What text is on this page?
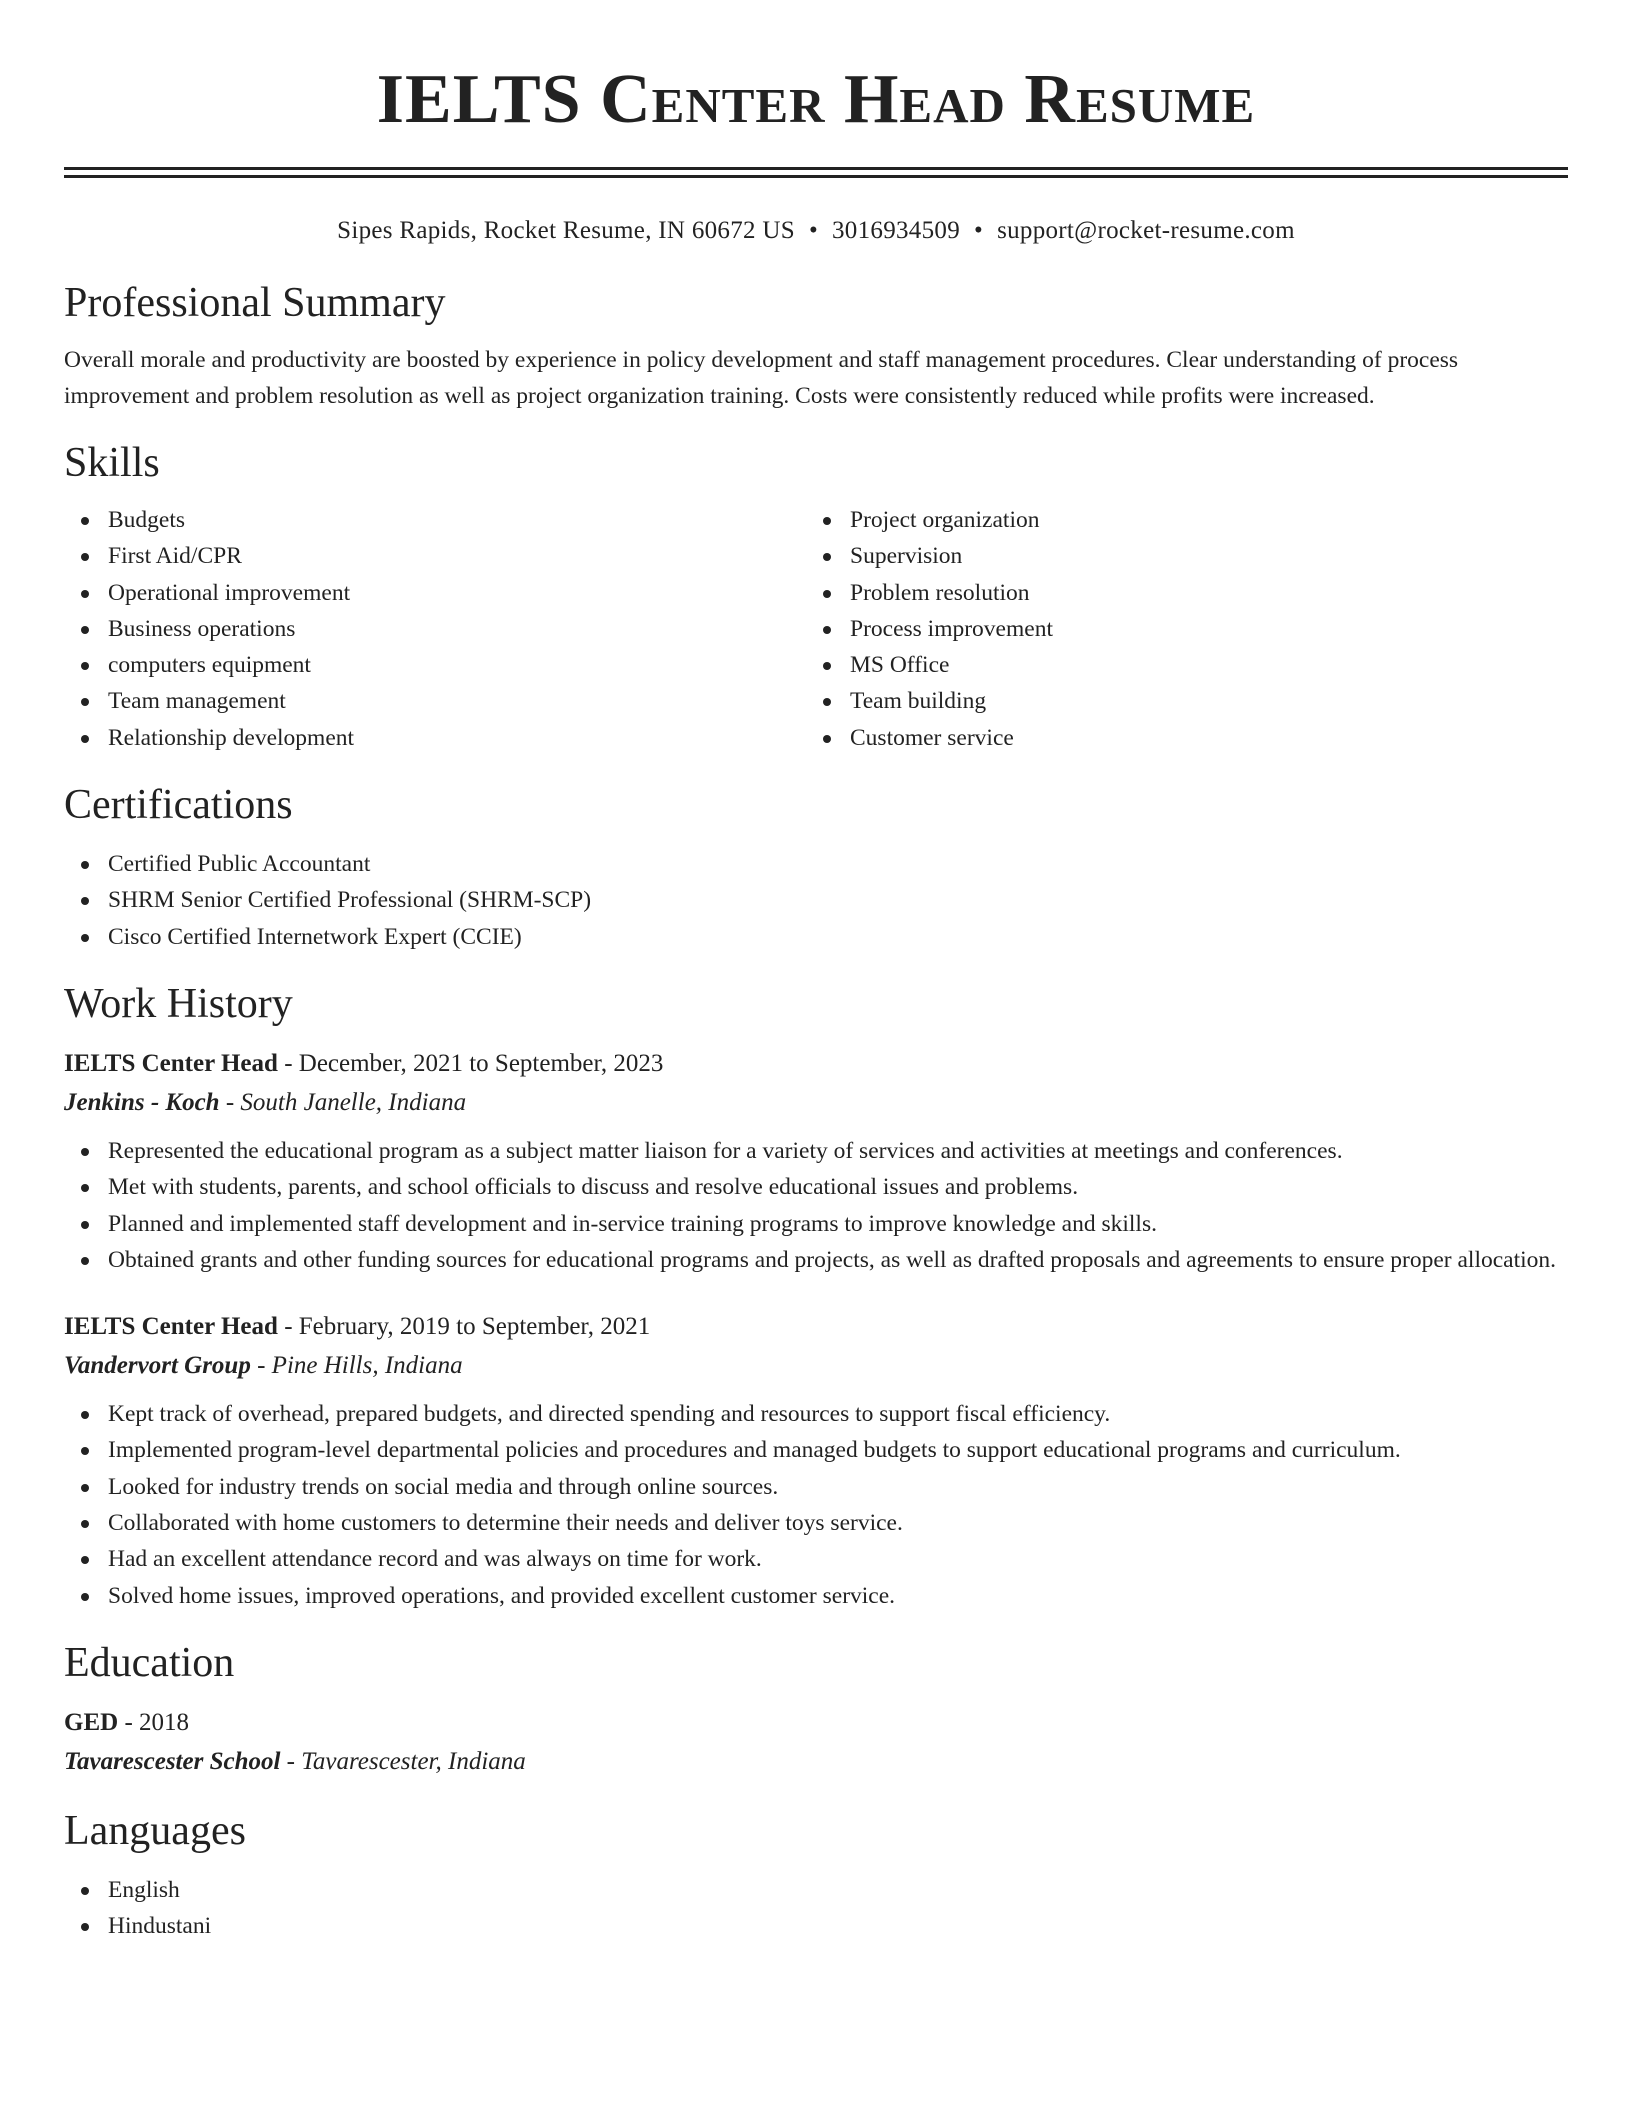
IELTS Center Head Resume
Sipes Rapids, Rocket Resume, IN 60672 US • 3016934509 • support@rocket-resume.com
Professional Summary

Overall morale and productivity are boosted by experience in policy development and staff management procedures. Clear understanding of process improvement and problem resolution as well as project organization training. Costs were consistently reduced while profits were increased.

Skills
Budgets
First Aid/CPR
Operational improvement
Business operations
computers equipment
Team management
Relationship development
Project organization
Supervision
Problem resolution
Process improvement
MS Office
Team building
Customer service
Certifications
Certified Public Accountant
SHRM Senior Certified Professional (SHRM-SCP)
Cisco Certified Internetwork Expert (CCIE)
Work History
IELTS Center Head - December, 2021 to September, 2023
Jenkins - Koch - South Janelle, Indiana
Represented the educational program as a subject matter liaison for a variety of services and activities at meetings and conferences.
Met with students, parents, and school officials to discuss and resolve educational issues and problems.
Planned and implemented staff development and in-service training programs to improve knowledge and skills.
Obtained grants and other funding sources for educational programs and projects, as well as drafted proposals and agreements to ensure proper allocation.
IELTS Center Head - February, 2019 to September, 2021
Vandervort Group - Pine Hills, Indiana
Kept track of overhead, prepared budgets, and directed spending and resources to support fiscal efficiency.
Implemented program-level departmental policies and procedures and managed budgets to support educational programs and curriculum.
Looked for industry trends on social media and through online sources.
Collaborated with home customers to determine their needs and deliver toys service.
Had an excellent attendance record and was always on time for work.
Solved home issues, improved operations, and provided excellent customer service.
Education
GED - 2018
Tavarescester School - Tavarescester, Indiana
Languages
English
Hindustani
